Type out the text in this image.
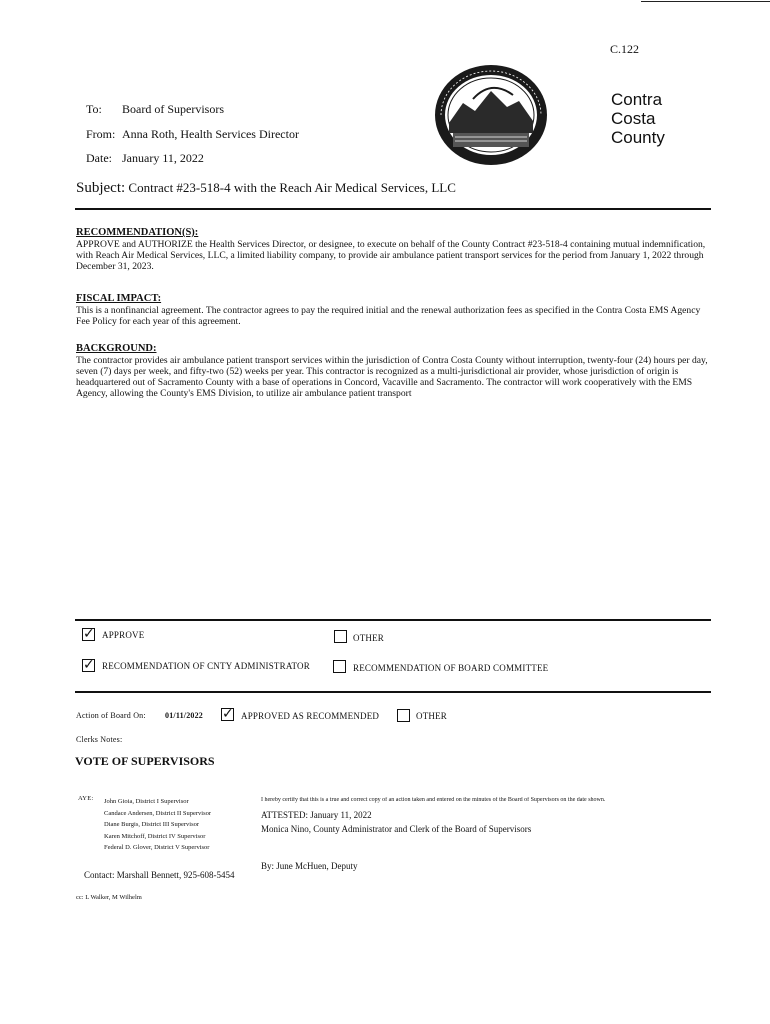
C.122
To: Board of Supervisors
From: Anna Roth, Health Services Director
Date: January 11, 2022
Contra
Costa
County
Subject: Contract #23-518-4 with the Reach Air Medical Services, LLC
RECOMMENDATION(S):

APPROVE and AUTHORIZE the Health Services Director, or designee, to execute on behalf of the County Contract #23-518-4 containing mutual indemnification, with Reach Air Medical Services, LLC, a limited liability company, to provide air ambulance patient transport services for the period from January 1, 2022 through December 31, 2023.

FISCAL IMPACT:

This is a nonfinancial agreement. The contractor agrees to pay the required initial and the renewal authorization fees as specified in the Contra Costa EMS Agency Fee Policy for each year of this agreement.

BACKGROUND:

The contractor provides air ambulance patient transport services within the jurisdiction of Contra Costa County without interruption, twenty-four (24) hours per day, seven (7) days per week, and fifty-two (52) weeks per year. This contractor is recognized as a multi-jurisdictional air provider, whose jurisdiction of origin is headquartered out of Sacramento County with a base of operations in Concord, Vacaville and Sacramento. The contractor will work cooperatively with the EMS Agency, allowing the County's EMS Division, to utilize air ambulance patient transport

✓
APPROVE	OTHER
✓
RECOMMENDATION OF CNTY ADMINISTRATOR	RECOMMENDATION OF BOARD COMMITTEE
Action of Board On: 01/11/2022
✓	APPROVED AS RECOMMENDED	OTHER
Clerks Notes:
VOTE OF SUPERVISORS
AYE: John Gioia, District I Supervisor
Candace Andersen, District II Supervisor
Diane Burgis, District III Supervisor
Karen Mitchoff, District IV Supervisor
Federal D. Glover, District V Supervisor
I hereby certify that this is a true and correct copy of an action taken and entered on the minutes of the Board of Supervisors on the date shown.
ATTESTED: January 11, 2022
Monica Nino, County Administrator and Clerk of the Board of Supervisors
By: June McHuen, Deputy
Contact: Marshall Bennett, 925-608-5454
cc: L Walker, M Wilhelm
